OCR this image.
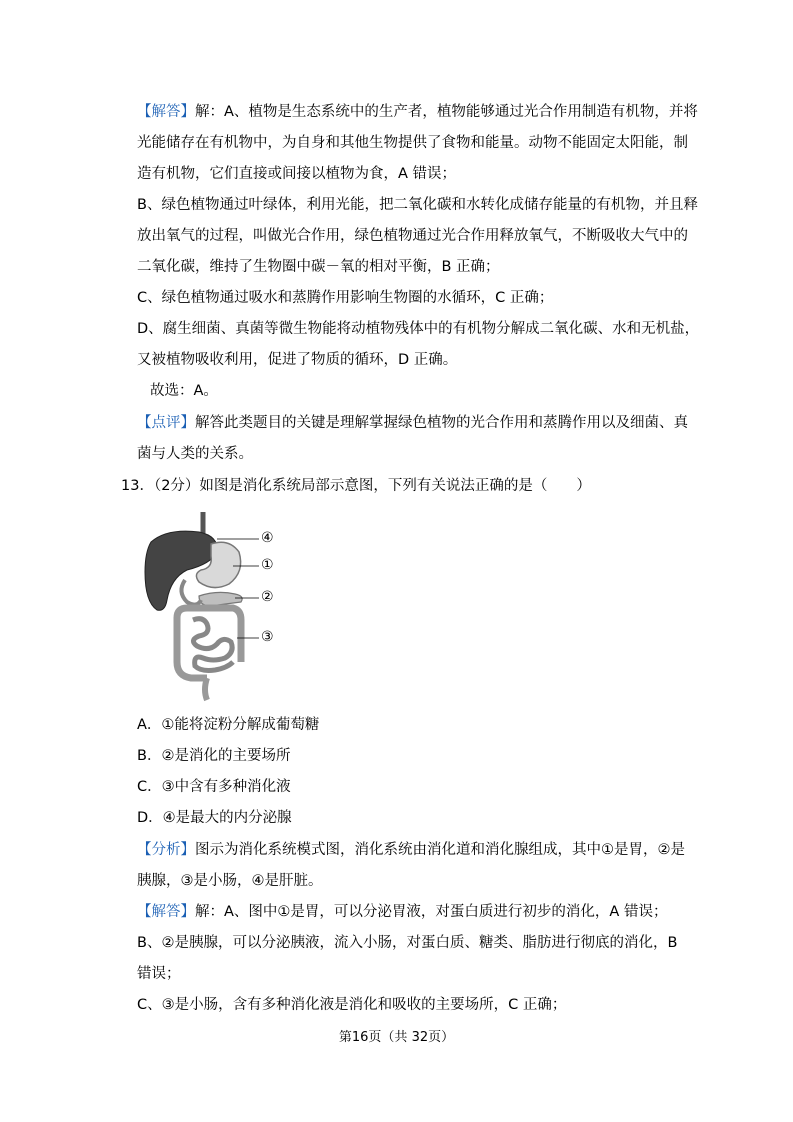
【解答】解：A、植物是生态系统中的生产者，植物能够通过光合作用制造有机物，并将
光能储存在有机物中，为自身和其他生物提供了食物和能量。动物不能固定太阳能，制
造有机物，它们直接或间接以植物为食，A 错误；
B、绿色植物通过叶绿体，利用光能，把二氧化碳和水转化成储存能量的有机物，并且释
放出氧气的过程，叫做光合作用，绿色植物通过光合作用释放氧气，不断吸收大气中的
二氧化碳，维持了生物圈中碳－氧的相对平衡，B 正确；
C、绿色植物通过吸水和蒸腾作用影响生物圈的水循环，C 正确；
D、腐生细菌、真菌等微生物能将动植物残体中的有机物分解成二氧化碳、水和无机盐，
又被植物吸收利用，促进了物质的循环，D 正确。
故选：A。
【点评】解答此类题目的关键是理解掌握绿色植物的光合作用和蒸腾作用以及细菌、真
菌与人类的关系。
13．（2分）如图是消化系统局部示意图，下列有关说法正确的是（　　）
④
①
②
③
A．①能将淀粉分解成葡萄糖
B．②是消化的主要场所
C．③中含有多种消化液
D．④是最大的内分泌腺
【分析】图示为消化系统模式图，消化系统由消化道和消化腺组成，其中①是胃，②是
胰腺，③是小肠，④是肝脏。
【解答】解：A、图中①是胃，可以分泌胃液，对蛋白质进行初步的消化，A 错误；
B、②是胰腺，可以分泌胰液，流入小肠，对蛋白质、糖类、脂肪进行彻底的消化，B
错误；
C、③是小肠，含有多种消化液是消化和吸收的主要场所，C 正确；
第16页（共 32页）
